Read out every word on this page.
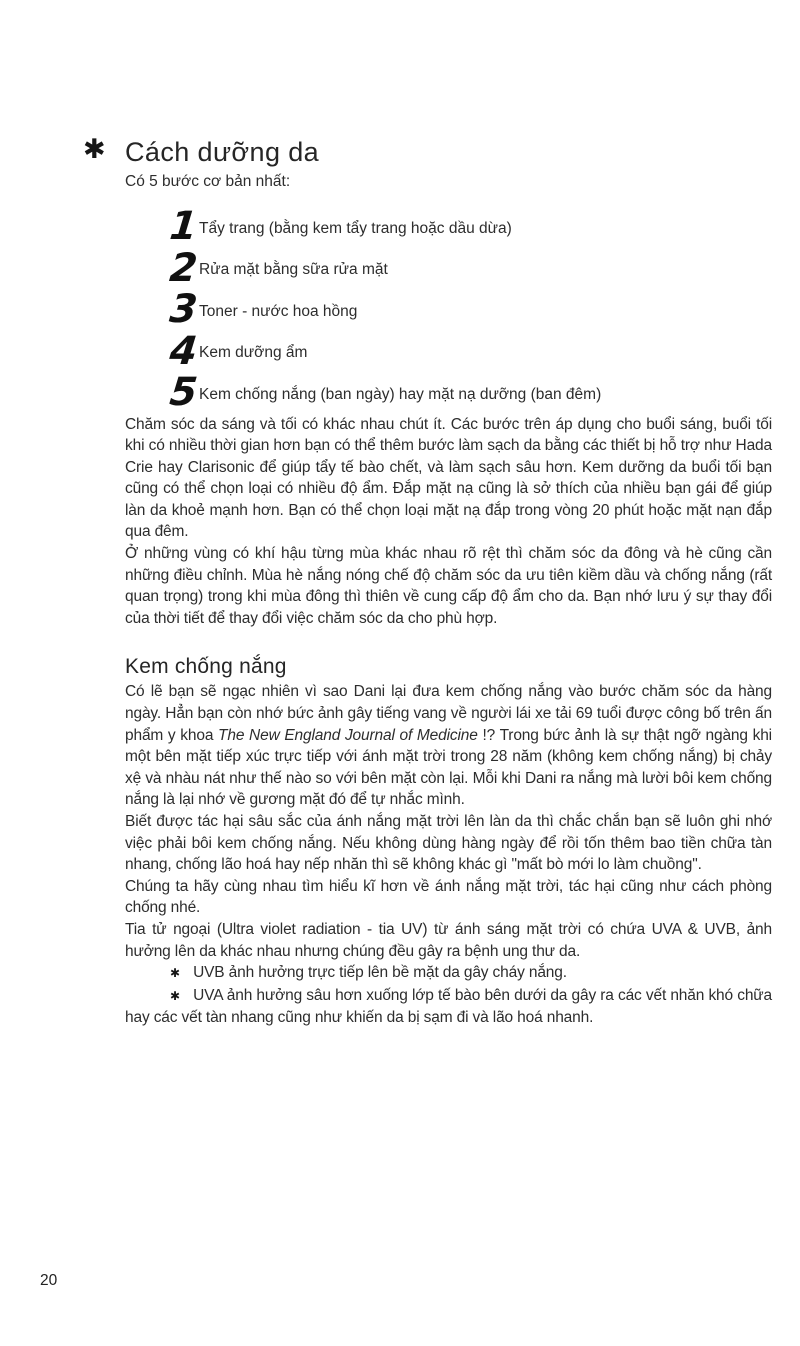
✱ Cách dưỡng da

Có 5 bước cơ bản nhất:

1 Tẩy trang (bằng kem tẩy trang hoặc dầu dừa)
2 Rửa mặt bằng sữa rửa mặt
3 Toner - nước hoa hồng
4 Kem dưỡng ẩm
5 Kem chống nắng (ban ngày) hay mặt nạ dưỡng (ban đêm)

Chăm sóc da sáng và tối có khác nhau chút ít. Các bước trên áp dụng cho buổi sáng, buổi tối khi có nhiều thời gian hơn bạn có thể thêm bước làm sạch da bằng các thiết bị hỗ trợ như Hada Crie hay Clarisonic để giúp tẩy tế bào chết, và làm sạch sâu hơn. Kem dưỡng da buổi tối bạn cũng có thể chọn loại có nhiều độ ẩm. Đắp mặt nạ cũng là sở thích của nhiều bạn gái để giúp làn da khoẻ mạnh hơn. Bạn có thể chọn loại mặt nạ đắp trong vòng 20 phút hoặc mặt nạn đắp qua đêm.

Ở những vùng có khí hậu từng mùa khác nhau rõ rệt thì chăm sóc da đông và hè cũng cần những điều chỉnh. Mùa hè nắng nóng chế độ chăm sóc da ưu tiên kiềm dầu và chống nắng (rất quan trọng) trong khi mùa đông thì thiên về cung cấp độ ẩm cho da. Bạn nhớ lưu ý sự thay đổi của thời tiết để thay đổi việc chăm sóc da cho phù hợp.

Kem chống nắng

Có lẽ bạn sẽ ngạc nhiên vì sao Dani lại đưa kem chống nắng vào bước chăm sóc da hàng ngày. Hẳn bạn còn nhớ bức ảnh gây tiếng vang về người lái xe tải 69 tuổi được công bố trên ấn phẩm y khoa The New England Journal of Medicine !? Trong bức ảnh là sự thật ngỡ ngàng khi một bên mặt tiếp xúc trực tiếp với ánh mặt trời trong 28 năm (không kem chống nắng) bị chảy xệ và nhàu nát như thế nào so với bên mặt còn lại. Mỗi khi Dani ra nắng mà lười bôi kem chống nắng là lại nhớ về gương mặt đó để tự nhắc mình.

Biết được tác hại sâu sắc của ánh nắng mặt trời lên làn da thì chắc chắn bạn sẽ luôn ghi nhớ việc phải bôi kem chống nắng. Nếu không dùng hàng ngày để rồi tốn thêm bao tiền chữa tàn nhang, chống lão hoá hay nếp nhăn thì sẽ không khác gì "mất bò mới lo làm chuồng".

Chúng ta hãy cùng nhau tìm hiểu kĩ hơn về ánh nắng mặt trời, tác hại cũng như cách phòng chống nhé.

Tia tử ngoại (Ultra violet radiation - tia UV) từ ánh sáng mặt trời có chứa UVA & UVB, ảnh hưởng lên da khác nhau nhưng chúng đều gây ra bệnh ung thư da.

✱ UVB ảnh hưởng trực tiếp lên bề mặt da gây cháy nắng.

✱ UVA ảnh hưởng sâu hơn xuống lớp tế bào bên dưới da gây ra các vết nhăn khó chữa hay các vết tàn nhang cũng như khiến da bị sạm đi và lão hoá nhanh.

20
